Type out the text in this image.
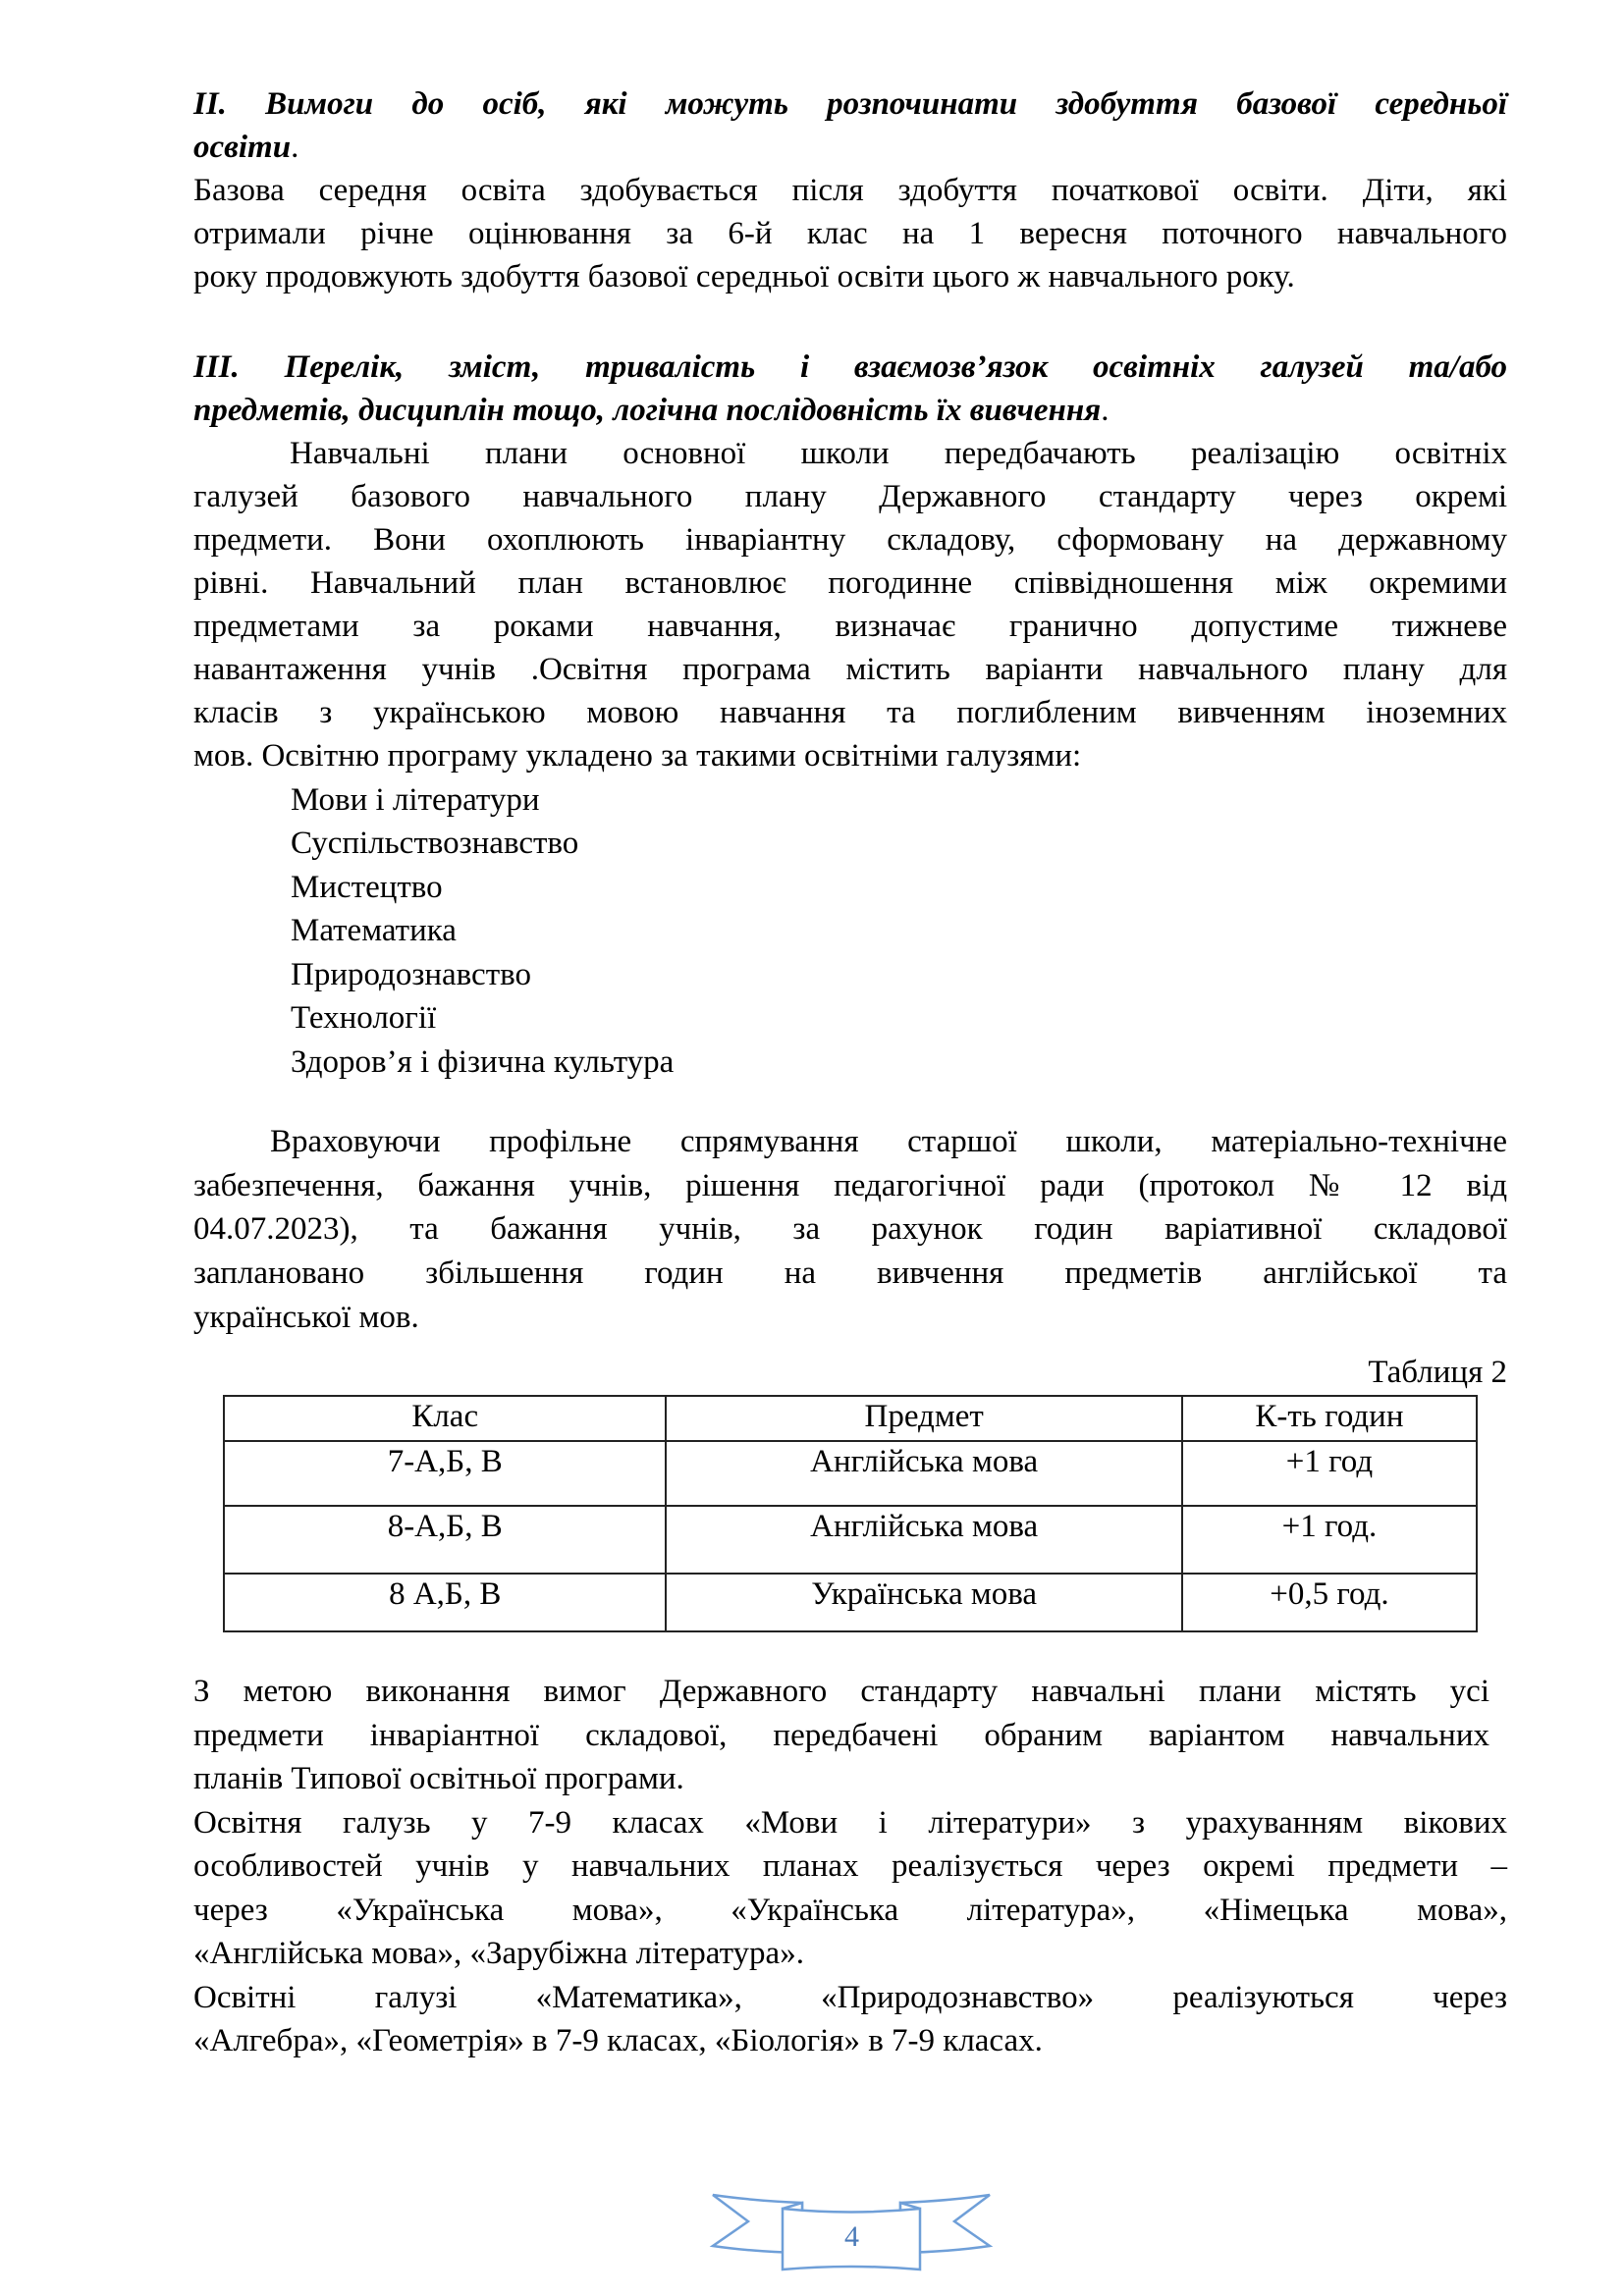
II. Вимоги до осіб, які можуть розпочинати здобуття базової середньої
освіти.
Базова середня освіта здобувається після здобуття початкової освіти. Діти, які
отримали річне оцінювання за 6-й клас на 1 вересня поточного навчального
року продовжують здобуття базової середньої освіти цього ж навчального року.
III. Перелік, зміст, тривалість і взаємозв’язок освітніх галузей та/або
предметів, дисциплін тощо, логічна послідовність їх вивчення.
Навчальні плани основної школи передбачають реалізацію освітніх
галузей базового навчального плану Державного стандарту через окремі
предмети. Вони охоплюють інваріантну складову, сформовану на державному
рівні. Навчальний план встановлює погодинне співвідношення між окремими
предметами за роками навчання, визначає гранично допустиме тижневе
навантаження учнів .Освітня програма містить варіанти навчального плану для
класів з українською мовою навчання та поглибленим вивченням іноземних
мов. Освітню програму укладено за такими освітніми галузями:
Мови і літератури
Суспільствознавство
Мистецтво
Математика
Природознавство
Технології
Здоров’я і фізична культура
Враховуючи профільне спрямування старшої школи, матеріально-технічне
забезпечення, бажання учнів, рішення педагогічної ради (протокол № 12 від
04.07.2023), та бажання учнів, за рахунок годин варіативної складової
заплановано збільшення годин на вивчення предметів англійської та
української мов.
Таблиця 2
Клас	Предмет	К-ть годин
7-А,Б, В	Англійська мова	+1 год
8-А,Б, В	Англійська мова	+1 год.
8 А,Б, В	Українська мова	+0,5 год.
З метою виконання вимог Державного стандарту навчальні плани містять усі
предмети інваріантної складової, передбачені обраним варіантом навчальних
планів Типової освітньої програми.
Освітня галузь у 7-9 класах «Мови і літератури» з урахуванням вікових
особливостей учнів у навчальних планах реалізується через окремі предмети –
через «Українська мова», «Українська література», «Німецька мова»,
«Англійська мова», «Зарубіжна література».
Освітні галузі «Математика», «Природознавство» реалізуються через
«Алгебра», «Геометрія» в 7-9 класах, «Біологія» в 7-9 класах.
4
